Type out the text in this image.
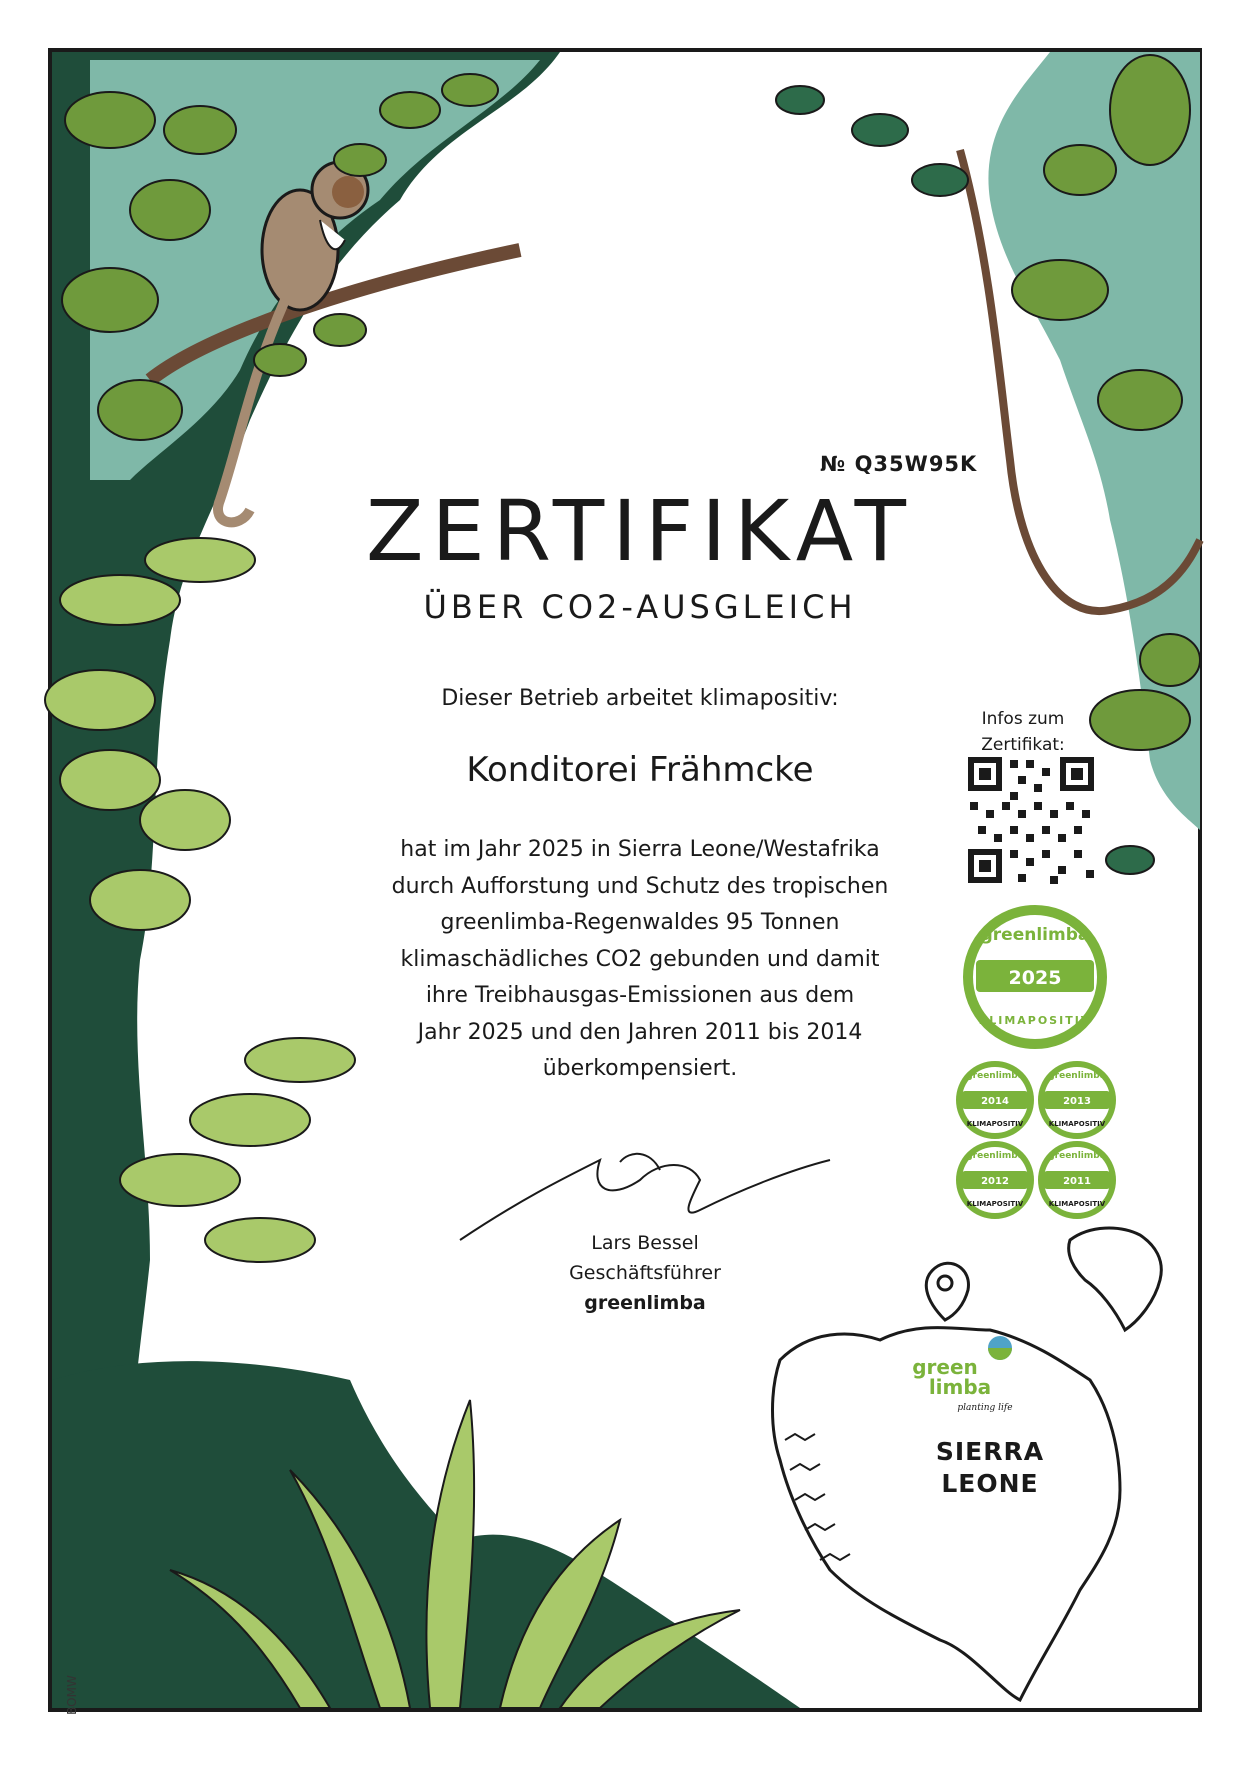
greenlimba
2025
KLIMAPOSITIV
greenlimba
2014
KLIMAPOSITIV
greenlimba
2013
KLIMAPOSITIV
greenlimba
2012
KLIMAPOSITIV
greenlimba
2011
KLIMAPOSITIV
green
limba
planting life
№ Q35W95K
ZERTIFIKAT
ÜBER CO2-AUSGLEICH
Dieser Betrieb arbeitet klimapositiv:
Konditorei Frähmcke
hat im Jahr 2025 in Sierra Leone/Westafrika
durch Aufforstung und Schutz des tropischen
greenlimba-Regenwaldes 95 Tonnen
klimaschädliches CO2 gebunden und damit
ihre Treibhausgas-Emissionen aus dem
Jahr 2025 und den Jahren 2011 bis 2014
überkompensiert.
Lars Bessel
Geschäftsführer
greenlimba
Infos zum
Zertifikat:
SIERRA
LEONE
BOMW
